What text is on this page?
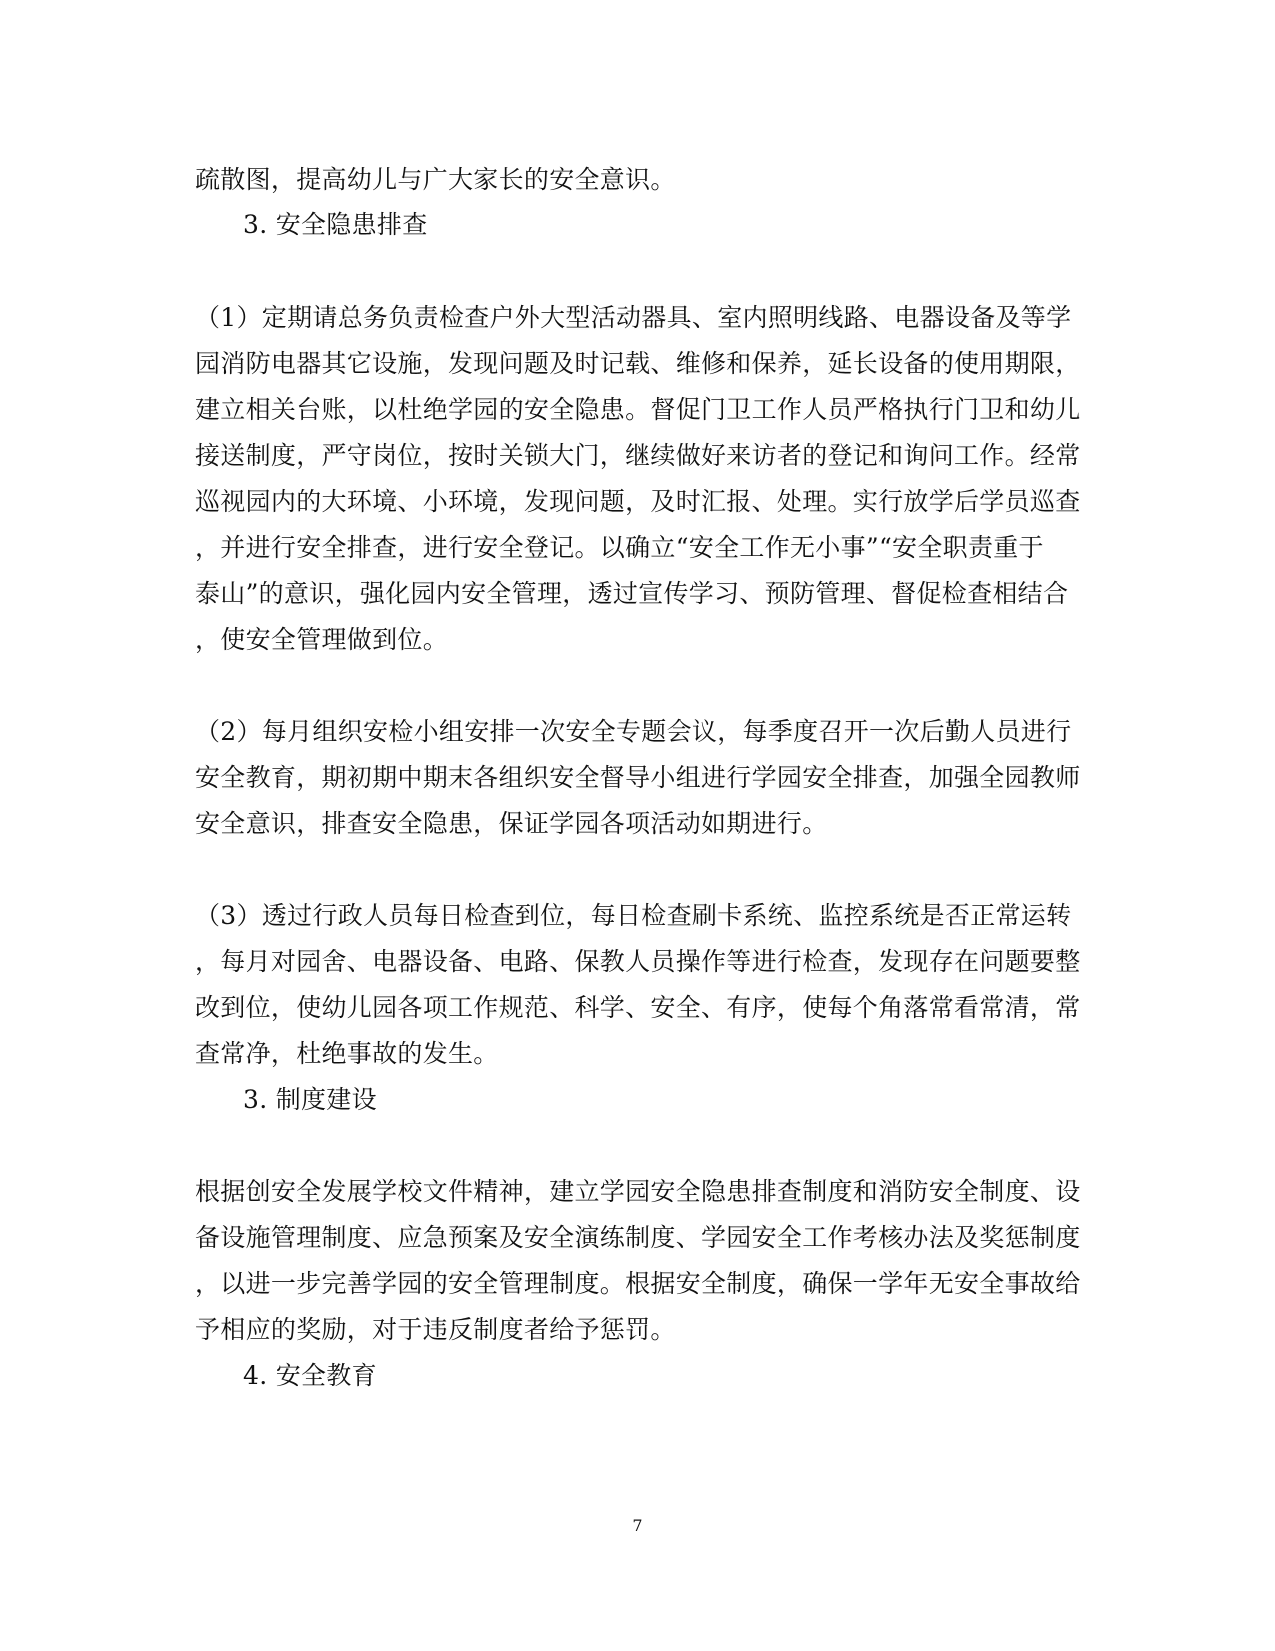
疏散图，提高幼儿与广大家长的安全意识。
3. 安全隐患排查
（1）定期请总务负责检查户外大型活动器具、室内照明线路、电器设备及等学
园消防电器其它设施，发现问题及时记载、维修和保养，延长设备的使用期限，
建立相关台账，以杜绝学园的安全隐患。督促门卫工作人员严格执行门卫和幼儿
接送制度，严守岗位，按时关锁大门，继续做好来访者的登记和询问工作。经常
巡视园内的大环境、小环境，发现问题，及时汇报、处理。实行放学后学员巡查
，并进行安全排查，进行安全登记。以确立“安全工作无小事”“安全职责重于
泰山”的意识，强化园内安全管理，透过宣传学习、预防管理、督促检查相结合
，使安全管理做到位。
（2）每月组织安检小组安排一次安全专题会议，每季度召开一次后勤人员进行
安全教育，期初期中期末各组织安全督导小组进行学园安全排查，加强全园教师
安全意识，排查安全隐患，保证学园各项活动如期进行。
（3）透过行政人员每日检查到位，每日检查刷卡系统、监控系统是否正常运转
，每月对园舍、电器设备、电路、保教人员操作等进行检查，发现存在问题要整
改到位，使幼儿园各项工作规范、科学、安全、有序，使每个角落常看常清，常
查常净，杜绝事故的发生。
3. 制度建设
根据创安全发展学校文件精神，建立学园安全隐患排查制度和消防安全制度、设
备设施管理制度、应急预案及安全演练制度、学园安全工作考核办法及奖惩制度
，以进一步完善学园的安全管理制度。根据安全制度，确保一学年无安全事故给
予相应的奖励，对于违反制度者给予惩罚。
4. 安全教育
7
